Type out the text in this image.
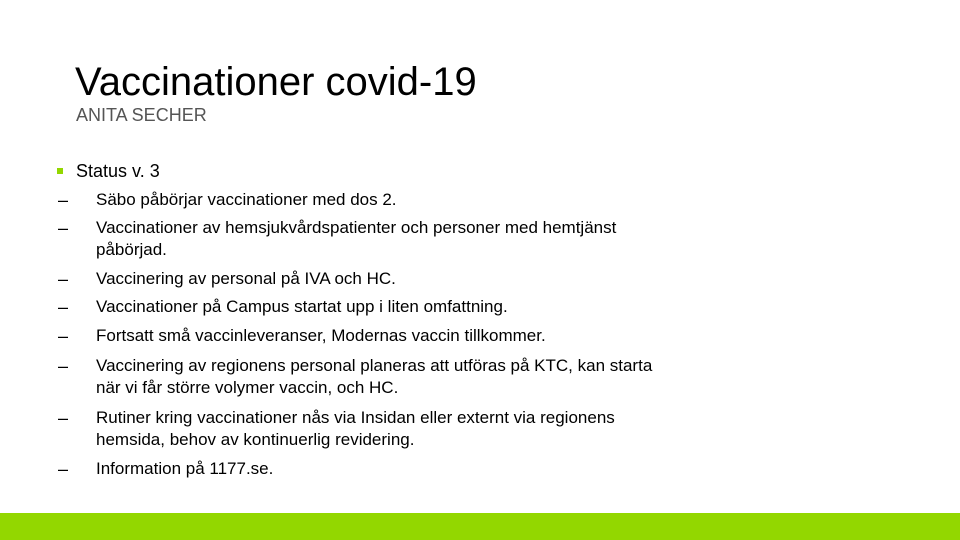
Vaccinationer covid-19
ANITA SECHER
Status v. 3
– Säbo påbörjar vaccinationer med dos 2.
– Vaccinationer av hemsjukvårdspatienter och personer med hemtjänst
påbörjad.
– Vaccinering av personal på IVA och HC.
– Vaccinationer på Campus startat upp i liten omfattning.
– Fortsatt små vaccinleveranser, Modernas vaccin tillkommer.
– Vaccinering av regionens personal planeras att utföras på KTC, kan starta
när vi får större volymer vaccin, och HC.
– Rutiner kring vaccinationer nås via Insidan eller externt via regionens
hemsida, behov av kontinuerlig revidering.
– Information på 1177.se.
